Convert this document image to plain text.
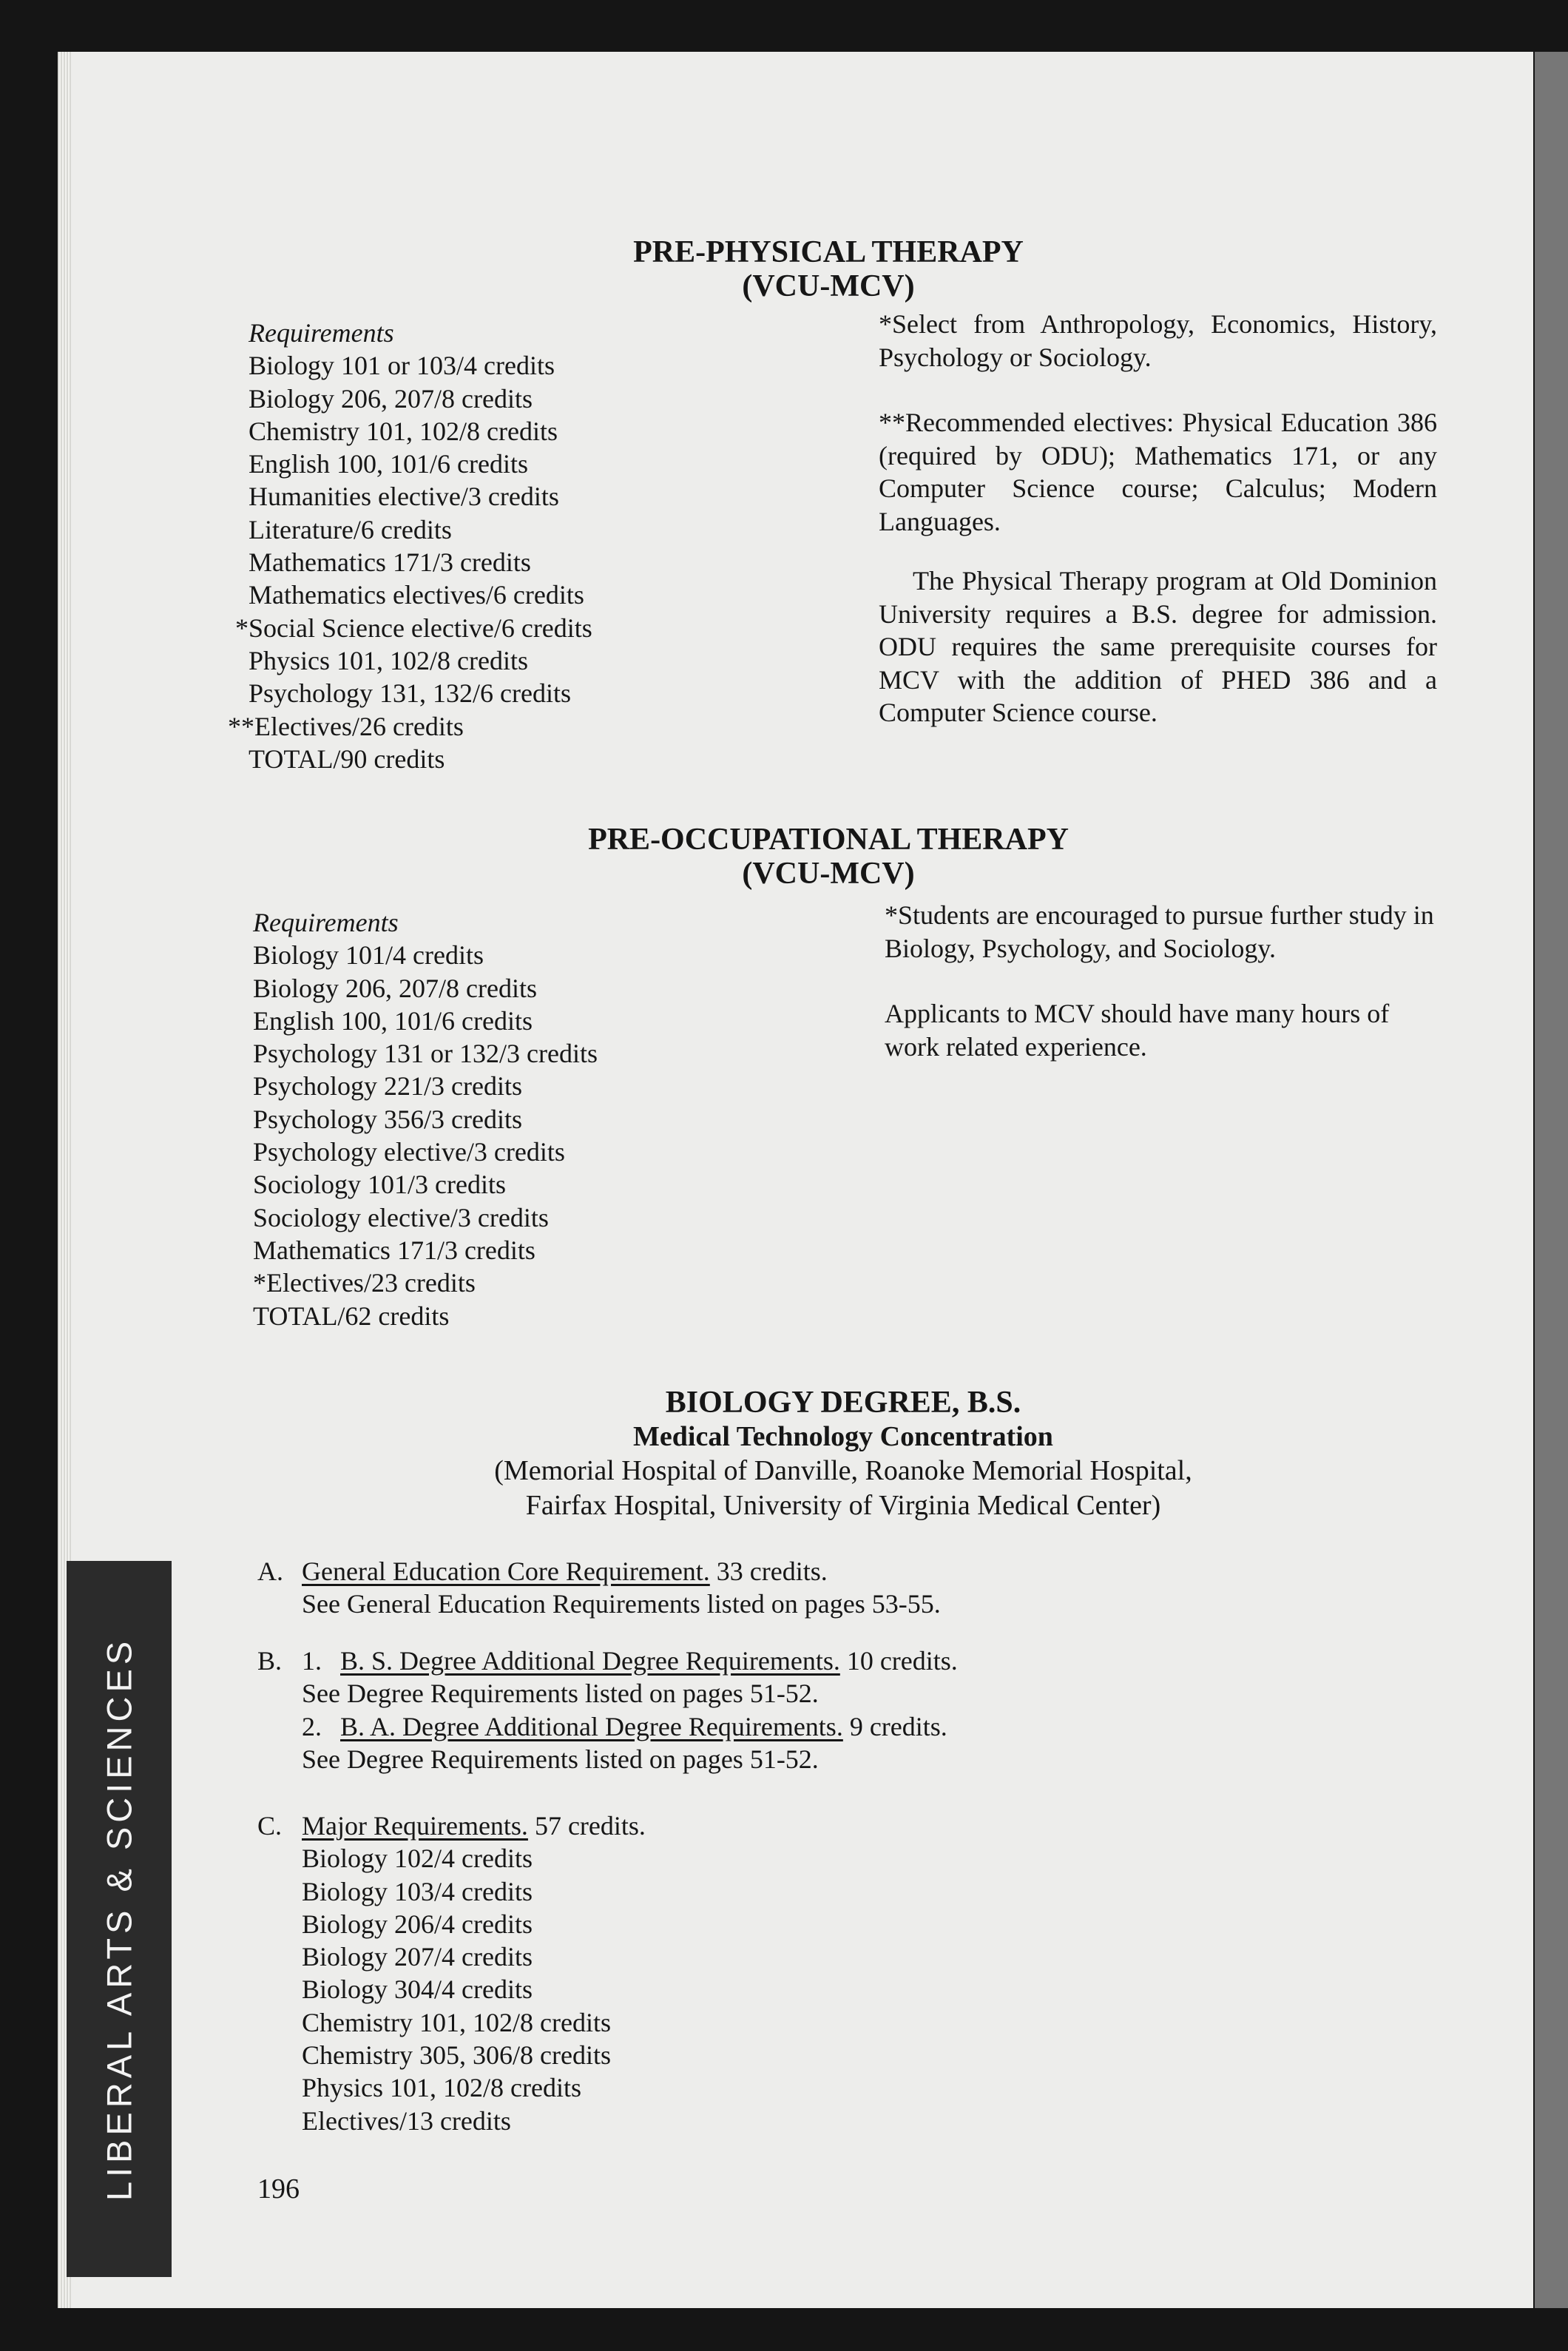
LIBERAL ARTS & SCIENCES
PRE-PHYSICAL THERAPY
(VCU-MCV)
Requirements
Biology 101 or 103/4 credits
Biology 206, 207/8 credits
Chemistry 101, 102/8 credits
English 100, 101/6 credits
Humanities elective/3 credits
Literature/6 credits
Mathematics 171/3 credits
Mathematics electives/6 credits
*Social Science elective/6 credits
Physics 101, 102/8 credits
Psychology 131, 132/6 credits
**Electives/26 credits
TOTAL/90 credits
*Select from Anthropology, Economics, History, Psychology or Sociology.
**Recommended electives: Physical Education 386 (required by ODU); Mathematics 171, or any Computer Science course; Calculus; Modern Languages.
The Physical Therapy program at Old Dominion University requires a B.S. degree for admission. ODU requires the same prerequisite courses for MCV with the addition of PHED 386 and a Computer Science course.
PRE-OCCUPATIONAL THERAPY
(VCU-MCV)
Requirements
Biology 101/4 credits
Biology 206, 207/8 credits
English 100, 101/6 credits
Psychology 131 or 132/3 credits
Psychology 221/3 credits
Psychology 356/3 credits
Psychology elective/3 credits
Sociology 101/3 credits
Sociology elective/3 credits
Mathematics 171/3 credits
*Electives/23 credits
TOTAL/62 credits
*Students are encouraged to pursue further study in Biology, Psychology, and Sociology.
Applicants to MCV should have many hours of work related experience.
BIOLOGY DEGREE, B.S.
Medical Technology Concentration
(Memorial Hospital of Danville, Roanoke Memorial Hospital,
Fairfax Hospital, University of Virginia Medical Center)
A. General Education Core Requirement. 33 credits.
See General Education Requirements listed on pages 53-55.
B. 1. B. S. Degree Additional Degree Requirements. 10 credits.
See Degree Requirements listed on pages 51-52.
2. B. A. Degree Additional Degree Requirements. 9 credits.
See Degree Requirements listed on pages 51-52.
C. Major Requirements. 57 credits.
Biology 102/4 credits
Biology 103/4 credits
Biology 206/4 credits
Biology 207/4 credits
Biology 304/4 credits
Chemistry 101, 102/8 credits
Chemistry 305, 306/8 credits
Physics 101, 102/8 credits
Electives/13 credits
196
